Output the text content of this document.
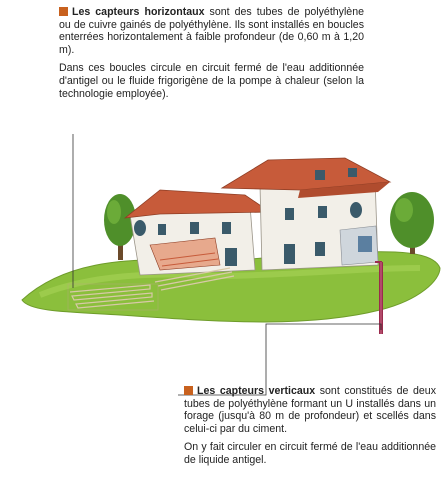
Les capteurs horizontaux sont des tubes de polyéthylène ou de cuivre gainés de polyéthylène. Ils sont installés en boucles enterrées horizontalement à faible profondeur (de 0,60 m à 1,20 m).

Dans ces boucles circule en circuit fermé de l'eau additionnée d'antigel ou le fluide frigorigène de la pompe à chaleur (selon la technologie employée).

Les capteurs verticaux sont constitués de deux tubes de polyéthylène formant un U installés dans un forage (jusqu'à 80 m de profondeur) et scellés dans celui-ci par du ciment.

On y fait circuler en circuit fermé de l'eau additionnée de liquide antigel.
